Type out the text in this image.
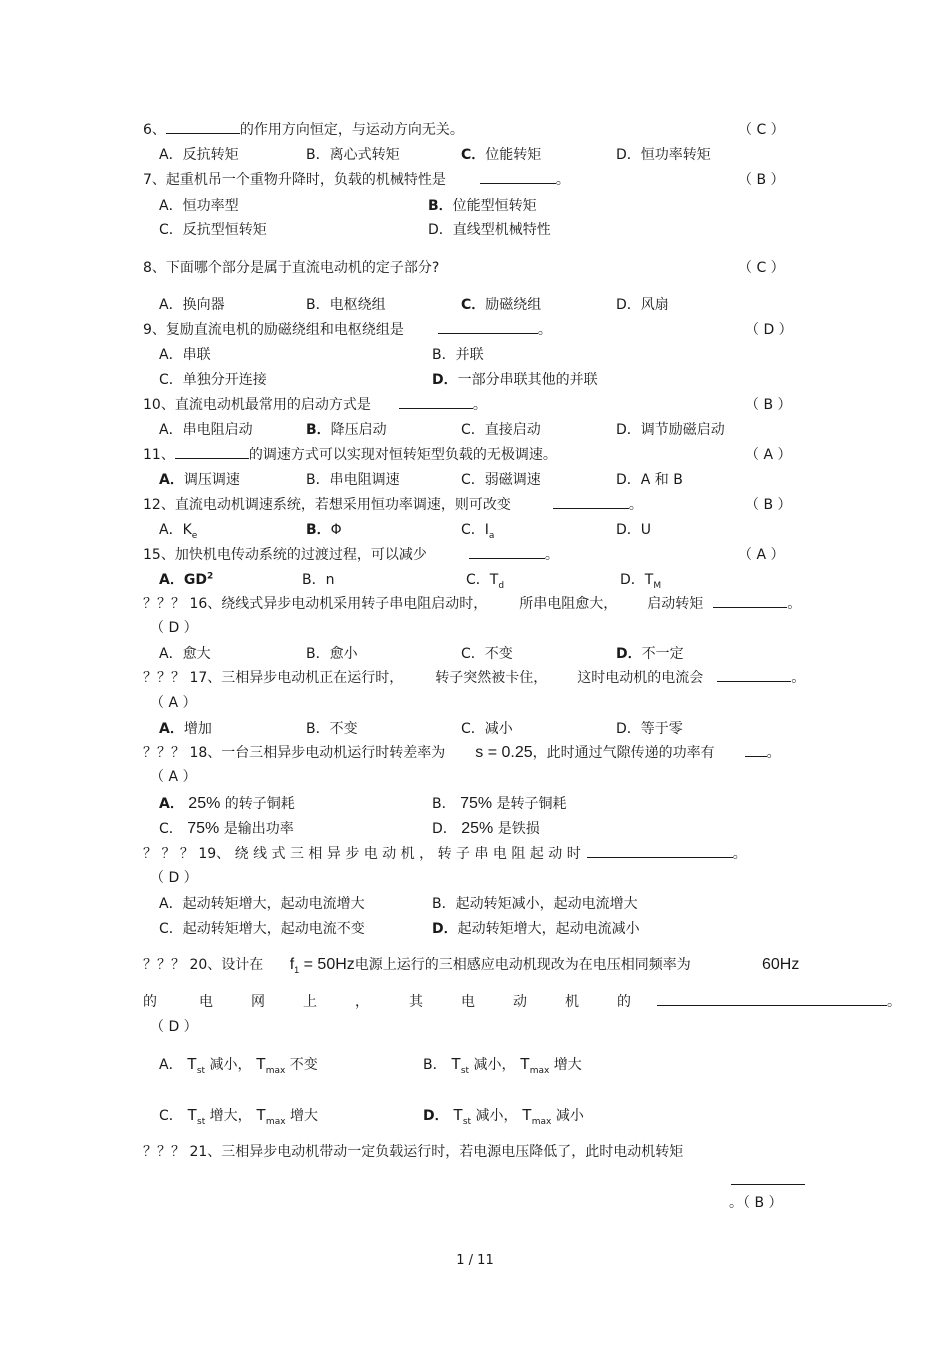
6、	的作用方向恒定，与运动方向无关。	（ C ）
A．反抗转矩	B．离心式转矩	C．位能转矩	D．恒功率转矩
7、起重机吊一个重物升降时，负载的机械特性是	。	（ B ）
A．恒功率型	B．位能型恒转矩
C．反抗型恒转矩	D．直线型机械特性
8、下面哪个部分是属于直流电动机的定子部分?	（ C ）
A．换向器	B．电枢绕组	C．励磁绕组	D．风扇
9、复励直流电机的励磁绕组和电枢绕组是	。	（ D ）
A．串联	B．并联
C．单独分开连接	D．一部分串联其他的并联
10、直流电动机最常用的启动方式是	。	（ B ）
A．串电阻启动	B．降压启动	C．直接启动	D．调节励磁启动
11、	的调速方式可以实现对恒转矩型负载的无极调速。	（ A ）
A．调压调速	B．串电阻调速	C．弱磁调速	D．A 和 B
12、直流电动机调速系统，若想采用恒功率调速，则可改变	。	（ B ）
A．$K_e$	B．Φ	C．$I_a$	D．U
15、加快机电传动系统的过渡过程，可以减少	。	（ A ）
A．$GD^2$	B．n	C．$T_d$	D．$T_M$
？？？ 16、绕线式异步电动机采用转子串电阻启动时， 所串电阻愈大， 启动转矩	。
（ D ）
A．愈大	B．愈小	C．不变	D．不一定
？？？ 17、三相异步电动机正在运行时， 转子突然被卡住， 这时电动机的电流会	。
（ A ）
A．增加	B．不变	C．减小	D．等于零
？？？ 18、一台三相异步电动机运行时转差率为 s = 0.25，此时通过气隙传递的功率有	。
（ A ）
A． 25% 的转子铜耗	B． 75% 是转子铜耗
C． 75% 是输出功率	D． 25% 是铁损
？ ？ ？ 19、 绕 线 式 三 相 异 步 电 动 机 ， 转 子 串 电 阻 起 动 时	。
（ D ）
A．起动转矩增大，起动电流增大	B．起动转矩减小，起动电流增大
C．起动转矩增大，起动电流不变	D．起动转矩增大，起动电流减小
？？？ 20、设计在 $f_1 = 50Hz$电源上运行的三相感应电动机现改为在电压相同频率为	60Hz
的	电	网	上	，	其	电	动	机	的	。
（ D ）
A． $T_{st}$ 减小， $T_{max}$ 不变	B． $T_{st}$ 减小， $T_{max}$ 增大
C． $T_{st}$ 增大， $T_{max}$ 增大	D． $T_{st}$ 减小， $T_{max}$ 减小
？？？ 21、三相异步电动机带动一定负载运行时，若电源电压降低了，此时电动机转矩
。（ B ）
1 / 11
